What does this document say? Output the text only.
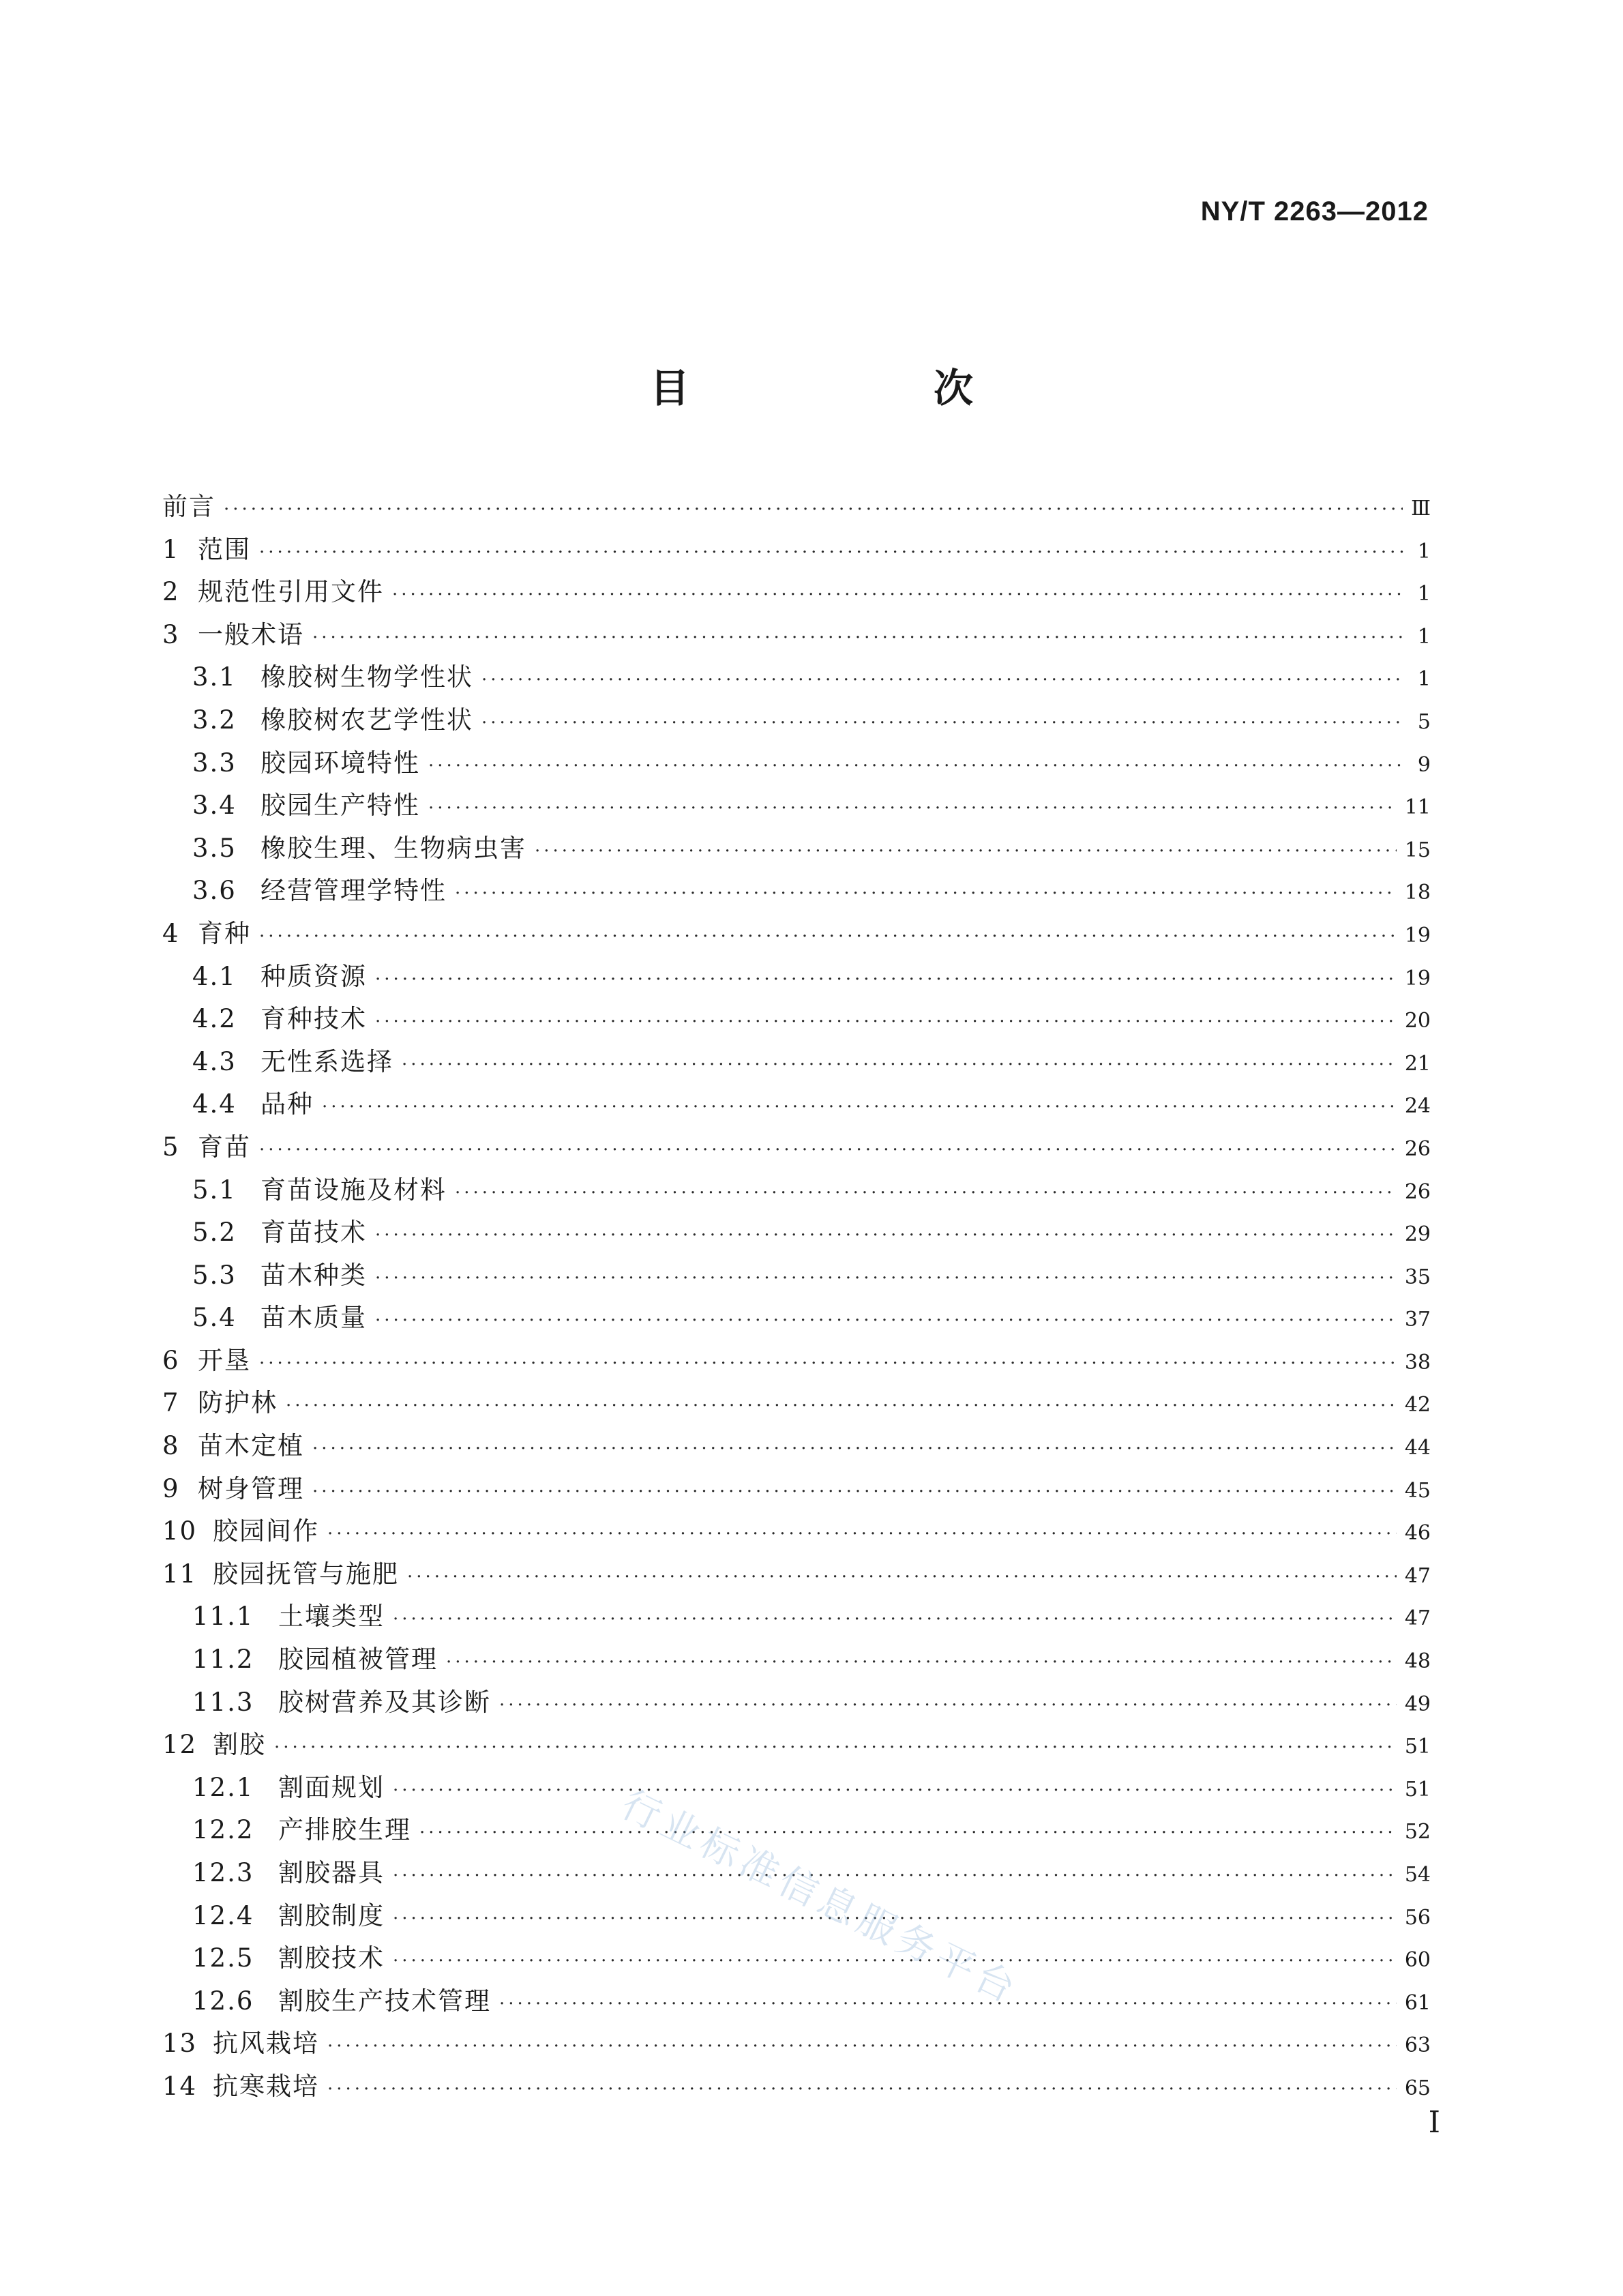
NY/T 2263—2012
目　次
前言 ·····	Ⅲ
1 范围 ·····	1
2 规范性引用文件 ·····	1
3 一般术语 ·····	1
3.1 橡胶树生物学性状 ·····	1
3.2 橡胶树农艺学性状 ·····	5
3.3 胶园环境特性 ·····	9
3.4 胶园生产特性 ·····	11
3.5 橡胶生理、生物病虫害 ·····	15
3.6 经营管理学特性 ·····	18
4 育种 ·····	19
4.1 种质资源 ·····	19
4.2 育种技术 ·····	20
4.3 无性系选择 ·····	21
4.4 品种 ·····	24
5 育苗 ·····	26
5.1 育苗设施及材料 ·····	26
5.2 育苗技术 ·····	29
5.3 苗木种类 ·····	35
5.4 苗木质量 ·····	37
6 开垦 ·····	38
7 防护林 ·····	42
8 苗木定植 ·····	44
9 树身管理 ·····	45
10 胶园间作 ·····	46
11 胶园抚管与施肥 ·····	47
11.1 土壤类型 ·····	47
11.2 胶园植被管理 ·····	48
11.3 胶树营养及其诊断 ·····	49
12 割胶 ·····	51
12.1 割面规划 ·····	51
12.2 产排胶生理 ·····	52
12.3 割胶器具 ·····	54
12.4 割胶制度 ·····	56
12.5 割胶技术 ·····	60
12.6 割胶生产技术管理 ·····	61
13 抗风栽培 ·····	63
14 抗寒栽培 ·····	65
行业标准信息服务平台
I
